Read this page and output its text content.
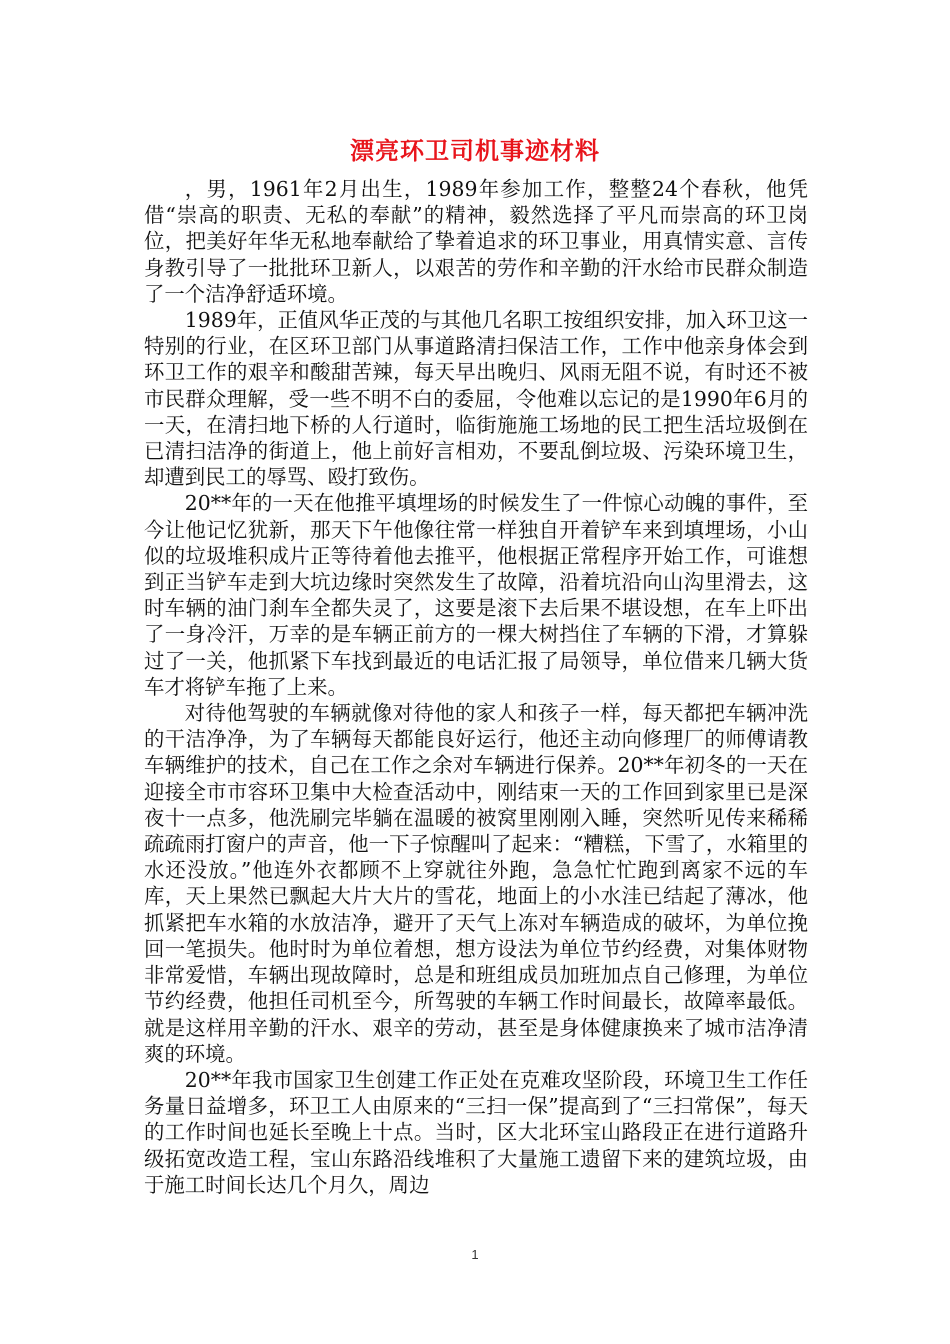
漂亮环卫司机事迹材料

，男，1961年2月出生，1989年参加工作，整整24个春秋，他凭借“崇高的职责、无私的奉献”的精神，毅然选择了平凡而崇高的环卫岗位，把美好年华无私地奉献给了挚着追求的环卫事业，用真情实意、言传身教引导了一批批环卫新人，以艰苦的劳作和辛勤的汗水给市民群众制造了一个洁净舒适环境。

1989年，正值风华正茂的与其他几名职工按组织安排，加入环卫这一特别的行业，在区环卫部门从事道路清扫保洁工作，工作中他亲身体会到环卫工作的艰辛和酸甜苦辣，每天早出晚归、风雨无阻不说，有时还不被市民群众理解，受一些不明不白的委屈，令他难以忘记的是1990年6月的一天，在清扫地下桥的人行道时，临街施施工场地的民工把生活垃圾倒在已清扫洁净的街道上，他上前好言相劝，不要乱倒垃圾、污染环境卫生，却遭到民工的辱骂、殴打致伤。

20**年的一天在他推平填埋场的时候发生了一件惊心动魄的事件，至今让他记忆犹新，那天下午他像往常一样独自开着铲车来到填埋场，小山似的垃圾堆积成片正等待着他去推平，他根据正常程序开始工作，可谁想到正当铲车走到大坑边缘时突然发生了故障，沿着坑沿向山沟里滑去，这时车辆的油门刹车全都失灵了，这要是滚下去后果不堪设想，在车上吓出了一身冷汗，万幸的是车辆正前方的一棵大树挡住了车辆的下滑，才算躲过了一关，他抓紧下车找到最近的电话汇报了局领导，单位借来几辆大货车才将铲车拖了上来。

对待他驾驶的车辆就像对待他的家人和孩子一样，每天都把车辆冲洗的干洁净净，为了车辆每天都能良好运行，他还主动向修理厂的师傅请教车辆维护的技术，自己在工作之余对车辆进行保养。20**年初冬的一天在迎接全市市容环卫集中大检查活动中，刚结束一天的工作回到家里已是深夜十一点多，他洗刷完毕躺在温暖的被窝里刚刚入睡，突然听见传来稀稀疏疏雨打窗户的声音，他一下子惊醒叫了起来：“糟糕，下雪了，水箱里的水还没放。”他连外衣都顾不上穿就往外跑，急急忙忙跑到离家不远的车库，天上果然已飘起大片大片的雪花，地面上的小水洼已结起了薄冰，他抓紧把车水箱的水放洁净，避开了天气上冻对车辆造成的破坏，为单位挽回一笔损失。他时时为单位着想，想方设法为单位节约经费，对集体财物非常爱惜，车辆出现故障时，总是和班组成员加班加点自己修理，为单位节约经费，他担任司机至今，所驾驶的车辆工作时间最长，故障率最低。就是这样用辛勤的汗水、艰辛的劳动，甚至是身体健康换来了城市洁净清爽的环境。

20**年我市国家卫生创建工作正处在克难攻坚阶段，环境卫生工作任务量日益增多，环卫工人由原来的“三扫一保”提高到了“三扫常保”，每天的工作时间也延长至晚上十点。当时，区大北环宝山路段正在进行道路升级拓宽改造工程，宝山东路沿线堆积了大量施工遗留下来的建筑垃圾，由于施工时间长达几个月久，周边

1
